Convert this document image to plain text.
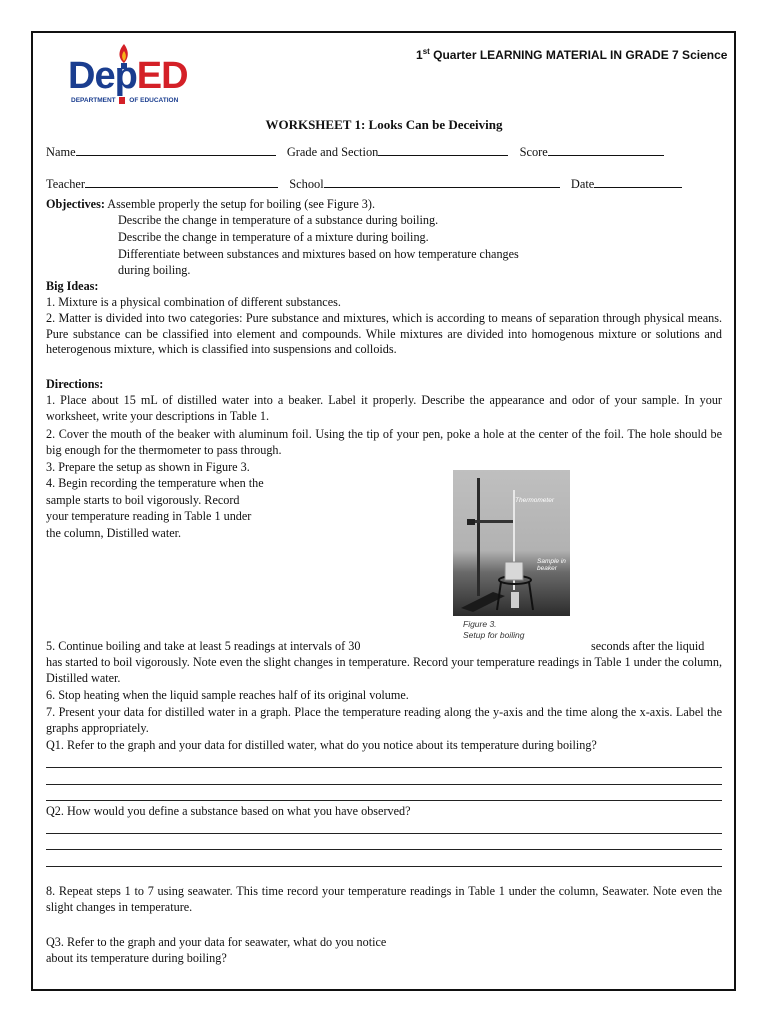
DepED
DEPARTMENT OF EDUCATION
1st Quarter LEARNING MATERIAL IN GRADE 7 Science
WORKSHEET 1: Looks Can be Deceiving
Name	Grade and Section	Score
Teacher	School	Date
Objectives: Assemble properly the setup for boiling (see Figure 3).
Describe the change in temperature of a substance during boiling.
Describe the change in temperature of a mixture during boiling.
Differentiate between substances and mixtures based on how temperature changes
during boiling.
Big Ideas:
1. Mixture is a physical combination of different substances.
2. Matter is divided into two categories: Pure substance and mixtures, which is according to means of separation through physical means. Pure substance can be classified into element and compounds. While mixtures are divided into homogenous mixture or solutions and heterogenous mixture, which is classified into suspensions and colloids.
Directions:
1. Place about 15 mL of distilled water into a beaker. Label it properly. Describe the appearance and odor of your sample. In your worksheet, write your descriptions in Table 1.
2. Cover the mouth of the beaker with aluminum foil. Using the tip of your pen, poke a hole at the center of the foil. The hole should be big enough for the thermometer to pass through.
3. Prepare the setup as shown in Figure 3.
4. Begin recording the temperature when the
sample starts to boil vigorously. Record
your temperature reading in Table 1 under
the column, Distilled water.
Thermometer
Sample in beaker
Figure 3.
Setup for boiling
5. Continue boiling and take at least 5 readings at intervals of 30	seconds after the liquid
has started to boil vigorously. Note even the slight changes in temperature. Record your temperature readings in Table 1 under the column, Distilled water.
6. Stop heating when the liquid sample reaches half of its original volume.
7. Present your data for distilled water in a graph. Place the temperature reading along the y-axis and the time along the x-axis. Label the graphs appropriately.
Q1. Refer to the graph and your data for distilled water, what do you notice about its temperature during boiling?
Q2. How would you define a substance based on what you have observed?
8. Repeat steps 1 to 7 using seawater. This time record your temperature readings in Table 1 under the column, Seawater. Note even the slight changes in temperature.
Q3. Refer to the graph and your data for seawater, what do you notice
about its temperature during boiling?
